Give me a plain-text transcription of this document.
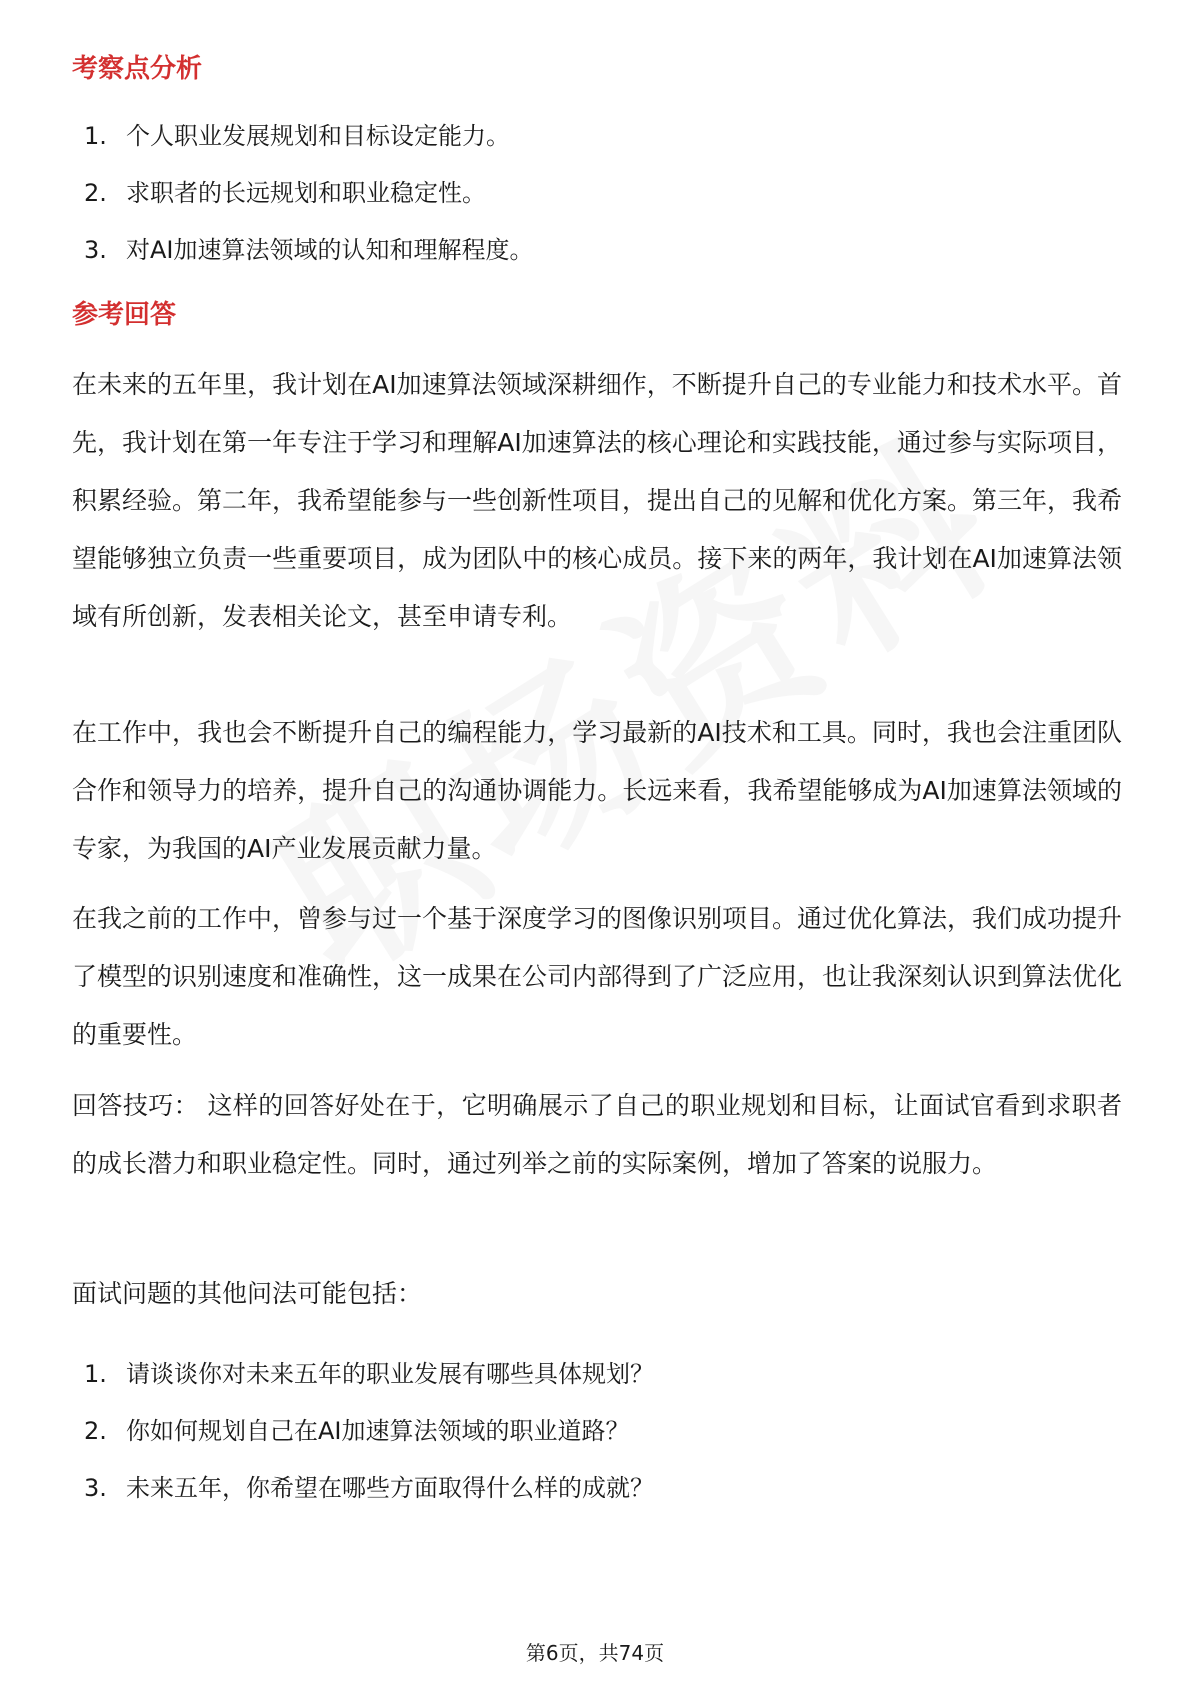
考察点分析
1. 个人职业发展规划和目标设定能力。
2. 求职者的长远规划和职业稳定性。
3. 对AI加速算法领域的认知和理解程度。
参考回答

在未来的五年里，我计划在AI加速算法领域深耕细作，不断提升自己的专业能力和技术水平。首先，我计划在第一年专注于学习和理解AI加速算法的核心理论和实践技能，通过参与实际项目，积累经验。第二年，我希望能参与一些创新性项目，提出自己的见解和优化方案。第三年，我希望能够独立负责一些重要项目，成为团队中的核心成员。接下来的两年，我计划在AI加速算法领域有所创新，发表相关论文，甚至申请专利。

在工作中，我也会不断提升自己的编程能力，学习最新的AI技术和工具。同时，我也会注重团队合作和领导力的培养，提升自己的沟通协调能力。长远来看，我希望能够成为AI加速算法领域的专家，为我国的AI产业发展贡献力量。

在我之前的工作中，曾参与过一个基于深度学习的图像识别项目。通过优化算法，我们成功提升了模型的识别速度和准确性，这一成果在公司内部得到了广泛应用，也让我深刻认识到算法优化的重要性。

回答技巧： 这样的回答好处在于，它明确展示了自己的职业规划和目标，让面试官看到求职者的成长潜力和职业稳定性。同时，通过列举之前的实际案例，增加了答案的说服力。

面试问题的其他问法可能包括：

1. 请谈谈你对未来五年的职业发展有哪些具体规划？
2. 你如何规划自己在AI加速算法领域的职业道路？
3. 未来五年，你希望在哪些方面取得什么样的成就？
第6页，共74页
